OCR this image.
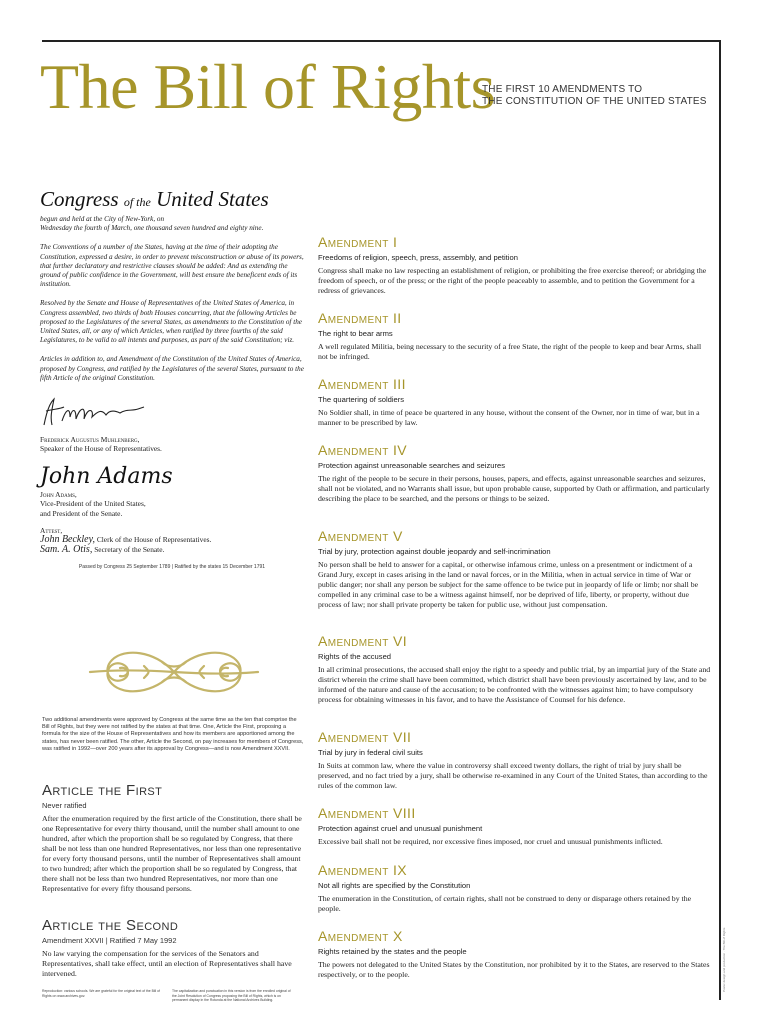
The Bill of Rights
THE FIRST 10 AMENDMENTS TO
THE CONSTITUTION OF THE UNITED STATES
Congress of the United States
begun and held at the City of New-York, on
Wednesday the fourth of March, one thousand seven hundred and eighty nine.
The Conventions of a number of the States, having at the time of their adopting the Constitution, expressed a desire, in order to prevent misconstruction or abuse of its powers, that further declaratory and restrictive clauses should be added: And as extending the ground of public confidence in the Government, will best ensure the beneficent ends of its institution.
Resolved by the Senate and House of Representatives of the United States of America, in Congress assembled, two thirds of both Houses concurring, that the following Articles be proposed to the Legislatures of the several States, as amendments to the Constitution of the United States, all, or any of which Articles, when ratified by three fourths of the said Legislatures, to be valid to all intents and purposes, as part of the said Constitution; viz.
Articles in addition to, and Amendment of the Constitution of the United States of America, proposed by Congress, and ratified by the Legislatures of the several States, pursuant to the fifth Article of the original Constitution.
Frederick Augustus Muhlenberg,
Speaker of the House of Representatives.
John Adams
John Adams,
Vice-President of the United States,
and President of the Senate.
Attest,
John Beckley, Clerk of the House of Representatives.
Sam. A. Otis, Secretary of the Senate.
Passed by Congress 25 September 1789 | Ratified by the states 15 December 1791
Two additional amendments were approved by Congress at the same time as the ten that comprise the Bill of Rights, but they were not ratified by the states at that time. One, Article the First, proposing a formula for the size of the House of Representatives and how its members are apportioned among the states, has never been ratified. The other, Article the Second, on pay increases for members of Congress, was ratified in 1992—over 200 years after its approval by Congress—and is now Amendment XXVII.
Article the First
Never ratified
After the enumeration required by the first article of the Constitution, there shall be one Representative for every thirty thousand, until the number shall amount to one hundred, after which the proportion shall be so regulated by Congress, that there shall be not less than one hundred Representatives, nor less than one representative for every forty thousand persons, until the number of Representatives shall amount to two hundred; after which the proportion shall be so regulated by Congress, that there shall not be less than two hundred Representatives, nor more than one Representative for every fifty thousand persons.
Article the Second
Amendment XXVII | Ratified 7 May 1992
No law varying the compensation for the services of the Senators and Representatives, shall take effect, until an election of Representatives shall have intervened.
Reproduction: various schools. We are grateful for the original text of the Bill of Rights on www.archives.gov.
The capitalization and punctuation in this version is from the enrolled original of the Joint Resolution of Congress proposing the Bill of Rights, which is on permanent display in the Rotunda at the National Archives Building.
Amendment I
Freedoms of religion, speech, press, assembly, and petition
Congress shall make no law respecting an establishment of religion, or prohibiting the free exercise thereof; or abridging the freedom of speech, or of the press; or the right of the people peaceably to assemble, and to petition the Government for a redress of grievances.
Amendment II
The right to bear arms
A well regulated Militia, being necessary to the security of a free State, the right of the people to keep and bear Arms, shall not be infringed.
Amendment III
The quartering of soldiers
No Soldier shall, in time of peace be quartered in any house, without the consent of the Owner, nor in time of war, but in a manner to be prescribed by law.
Amendment IV
Protection against unreasonable searches and seizures
The right of the people to be secure in their persons, houses, papers, and effects, against unreasonable searches and seizures, shall not be violated, and no Warrants shall issue, but upon probable cause, supported by Oath or affirmation, and particularly describing the place to be searched, and the persons or things to be seized.
Amendment V
Trial by jury, protection against double jeopardy and self-incrimination
No person shall be held to answer for a capital, or otherwise infamous crime, unless on a presentment or indictment of a Grand Jury, except in cases arising in the land or naval forces, or in the Militia, when in actual service in time of War or public danger; nor shall any person be subject for the same offence to be twice put in jeopardy of life or limb; nor shall be compelled in any criminal case to be a witness against himself, nor be deprived of life, liberty, or property, without due process of law; nor shall private property be taken for public use, without just compensation.
Amendment VI
Rights of the accused
In all criminal prosecutions, the accused shall enjoy the right to a speedy and public trial, by an impartial jury of the State and district wherein the crime shall have been committed, which district shall have been previously ascertained by law, and to be informed of the nature and cause of the accusation; to be confronted with the witnesses against him; to have compulsory process for obtaining witnesses in his favor, and to have the Assistance of Counsel for his defence.
Amendment VII
Trial by jury in federal civil suits
In Suits at common law, where the value in controversy shall exceed twenty dollars, the right of trial by jury shall be preserved, and no fact tried by a jury, shall be otherwise re-examined in any Court of the United States, than according to the rules of the common law.
Amendment VIII
Protection against cruel and unusual punishment
Excessive bail shall not be required, nor excessive fines imposed, nor cruel and unusual punishments inflicted.
Amendment IX
Not all rights are specified by the Constitution
The enumeration in the Constitution, of certain rights, shall not be construed to deny or disparage others retained by the people.
Amendment X
Rights retained by the states and the people
The powers not delegated to the United States by the Constitution, nor prohibited by it to the States, are reserved to the States respectively, or to the people.	Poster design and production · The Bill of Rights
